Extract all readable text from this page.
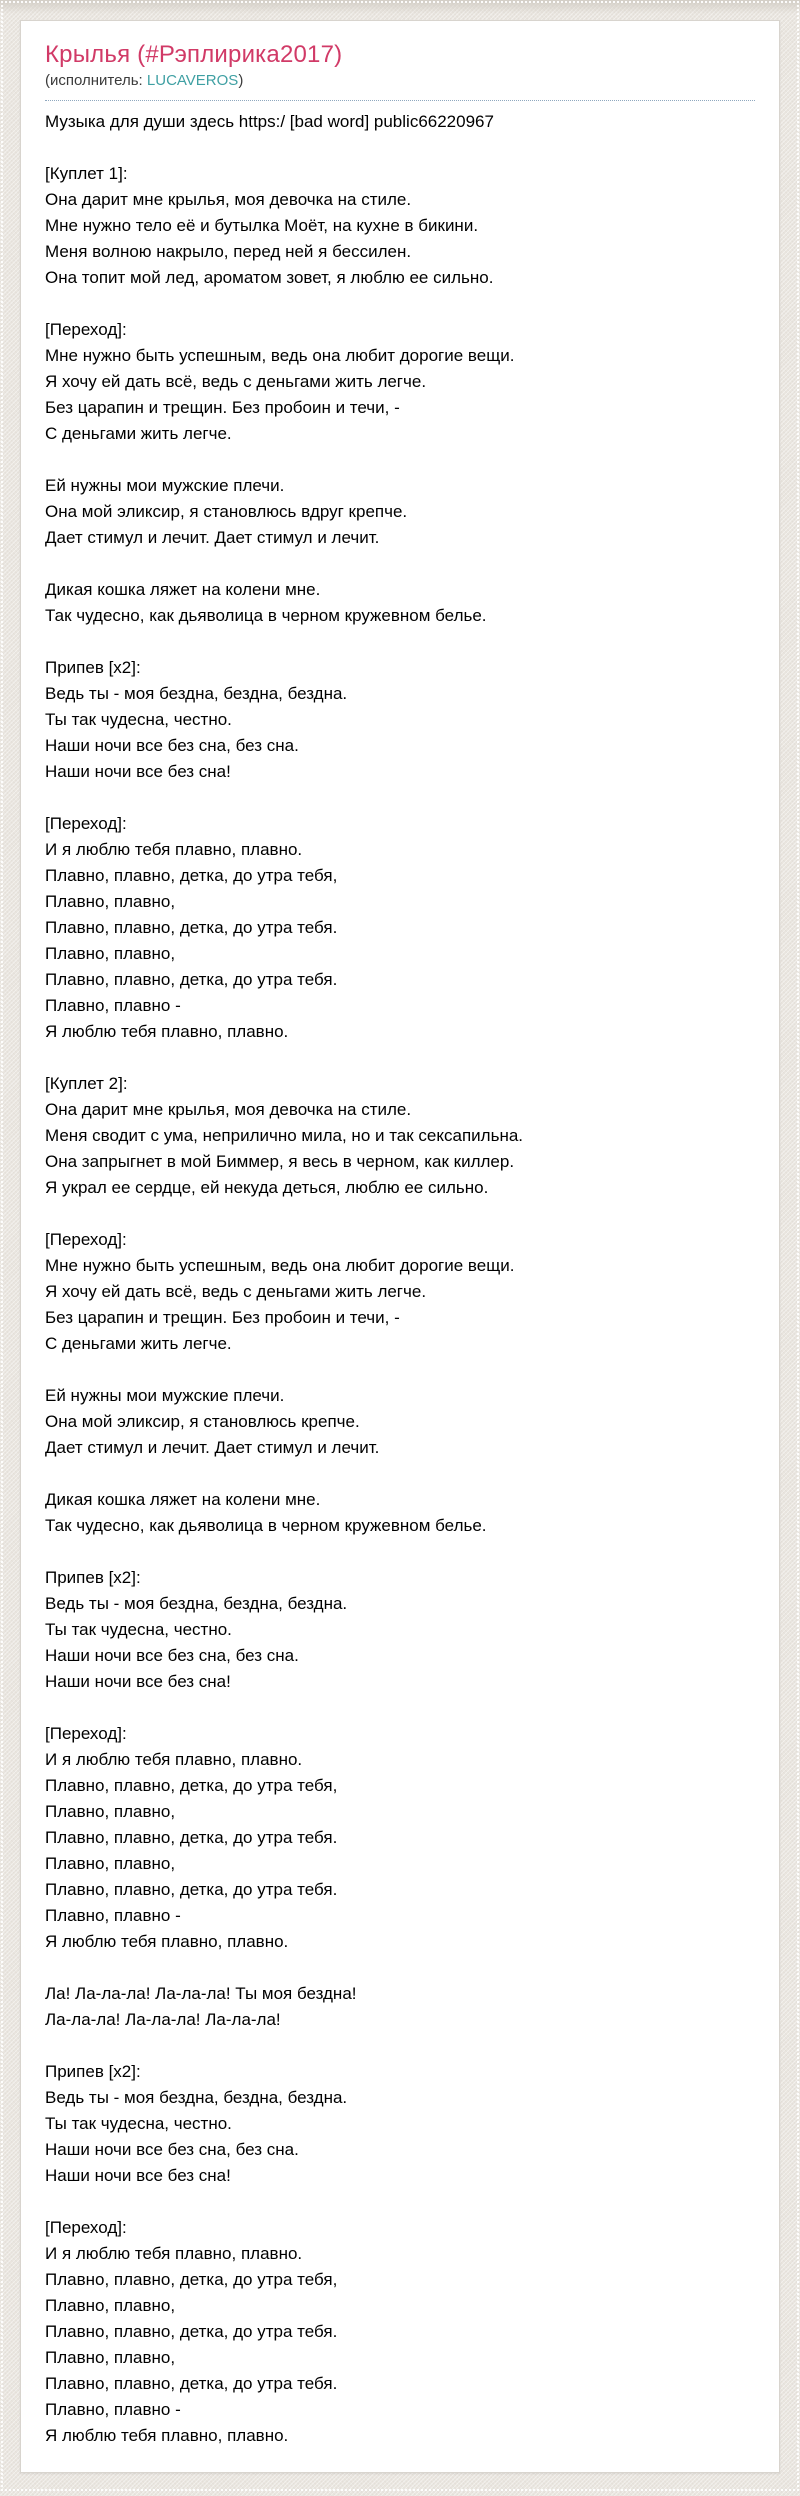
Крылья (#Рэплирика2017)
(исполнитель: LUCAVEROS)
Музыка для души здесь https:/ [bad word] public66220967
[Куплет 1]:
Она дарит мне крылья, моя девочка на стиле.
Мне нужно тело её и бутылка Моёт, на кухне в бикини.
Меня волною накрыло, перед ней я бессилен.
Она топит мой лед, ароматом зовет, я люблю ее сильно.
[Переход]:
Мне нужно быть успешным, ведь она любит дорогие вещи.
Я хочу ей дать всё, ведь с деньгами жить легче.
Без царапин и трещин. Без пробоин и течи, -
С деньгами жить легче.
Ей нужны мои мужские плечи.
Она мой эликсир, я становлюсь вдруг крепче.
Дает стимул и лечит. Дает стимул и лечит.
Дикая кошка ляжет на колени мне.
Так чудесно, как дьяволица в черном кружевном белье.
Припев [x2]:
Ведь ты - моя бездна, бездна, бездна.
Ты так чудесна, честно.
Наши ночи все без сна, без сна.
Наши ночи все без сна!
[Переход]:
И я люблю тебя плавно, плавно.
Плавно, плавно, детка, до утра тебя,
Плавно, плавно,
Плавно, плавно, детка, до утра тебя.
Плавно, плавно,
Плавно, плавно, детка, до утра тебя.
Плавно, плавно -
Я люблю тебя плавно, плавно.
[Куплет 2]:
Она дарит мне крылья, моя девочка на стиле.
Меня сводит с ума, неприлично мила, но и так сексапильна.
Она запрыгнет в мой Биммер, я весь в черном, как киллер.
Я украл ее сердце, ей некуда деться, люблю ее сильно.
[Переход]:
Мне нужно быть успешным, ведь она любит дорогие вещи.
Я хочу ей дать всё, ведь с деньгами жить легче.
Без царапин и трещин. Без пробоин и течи, -
С деньгами жить легче.
Ей нужны мои мужские плечи.
Она мой эликсир, я становлюсь крепче.
Дает стимул и лечит. Дает стимул и лечит.
Дикая кошка ляжет на колени мне.
Так чудесно, как дьяволица в черном кружевном белье.
Припев [x2]:
Ведь ты - моя бездна, бездна, бездна.
Ты так чудесна, честно.
Наши ночи все без сна, без сна.
Наши ночи все без сна!
[Переход]:
И я люблю тебя плавно, плавно.
Плавно, плавно, детка, до утра тебя,
Плавно, плавно,
Плавно, плавно, детка, до утра тебя.
Плавно, плавно,
Плавно, плавно, детка, до утра тебя.
Плавно, плавно -
Я люблю тебя плавно, плавно.
Ла! Ла-ла-ла! Ла-ла-ла! Ты моя бездна!
Ла-ла-ла! Ла-ла-ла! Ла-ла-ла!
Припев [x2]:
Ведь ты - моя бездна, бездна, бездна.
Ты так чудесна, честно.
Наши ночи все без сна, без сна.
Наши ночи все без сна!
[Переход]:
И я люблю тебя плавно, плавно.
Плавно, плавно, детка, до утра тебя,
Плавно, плавно,
Плавно, плавно, детка, до утра тебя.
Плавно, плавно,
Плавно, плавно, детка, до утра тебя.
Плавно, плавно -
Я люблю тебя плавно, плавно.
